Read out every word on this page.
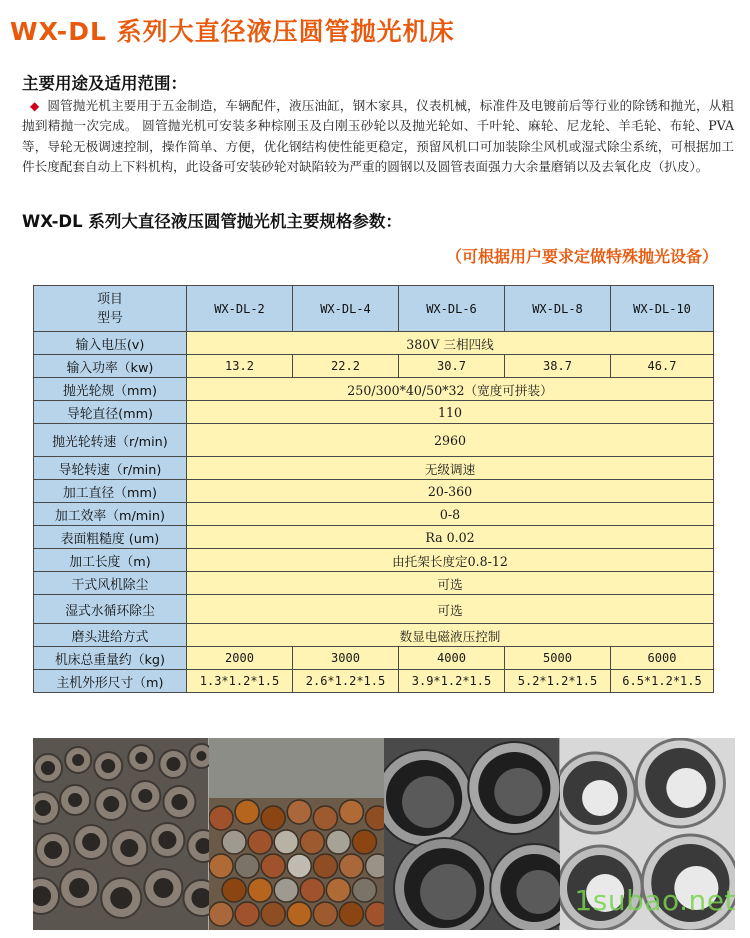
WX-DL 系列大直径液压圆管抛光机床
主要用途及适用范围：
◆ 圆管抛光机主要用于五金制造，车辆配件，液压油缸，钢木家具，仪表机械，标准件及电镀前后等行业的除锈和抛光，从粗抛到精抛一次完成。 圆管抛光机可安装多种棕刚玉及白刚玉砂轮以及抛光轮如、千叶轮、麻轮、尼龙轮、羊毛轮、布轮、PVA 等，导轮无极调速控制，操作简单、方便，优化钢结构使性能更稳定，预留风机口可加装除尘风机或湿式除尘系统，可根据加工件长度配套自动上下料机构，此设备可安装砂轮对缺陷较为严重的圆钢以及圆管表面强力大余量磨销以及去氧化皮（扒皮）。
WX-DL 系列大直径液压圆管抛光机主要规格参数：
（可根据用户要求定做特殊抛光设备）
项目
型号	WX-DL-2	WX-DL-4	WX-DL-6	WX-DL-8	WX-DL-10
输入电压(v)	380V 三相四线				
输入功率（kw)	13.2	22.2	30.7	38.7	46.7
抛光轮规（mm)	250/300*40/50*32（宽度可拼装）				
导轮直径(mm)	110				
抛光轮转速（r/min)	2960				
导轮转速（r/min)	无级调速				
加工直径（mm)	20-360				
加工效率（m/min)	0-8				
表面粗糙度 (um)	Ra 0.02				
加工长度（m)	由托架长度定0.8-12				
干式风机除尘	可选				
湿式水循环除尘	可选				
磨头进给方式	数显电磁液压控制				
机床总重量约（kg)	2000	3000	4000	5000	6000
主机外形尺寸（m)	1.3*1.2*1.5	2.6*1.2*1.5	3.9*1.2*1.5	5.2*1.2*1.5	6.5*1.2*1.5
1subao.net
